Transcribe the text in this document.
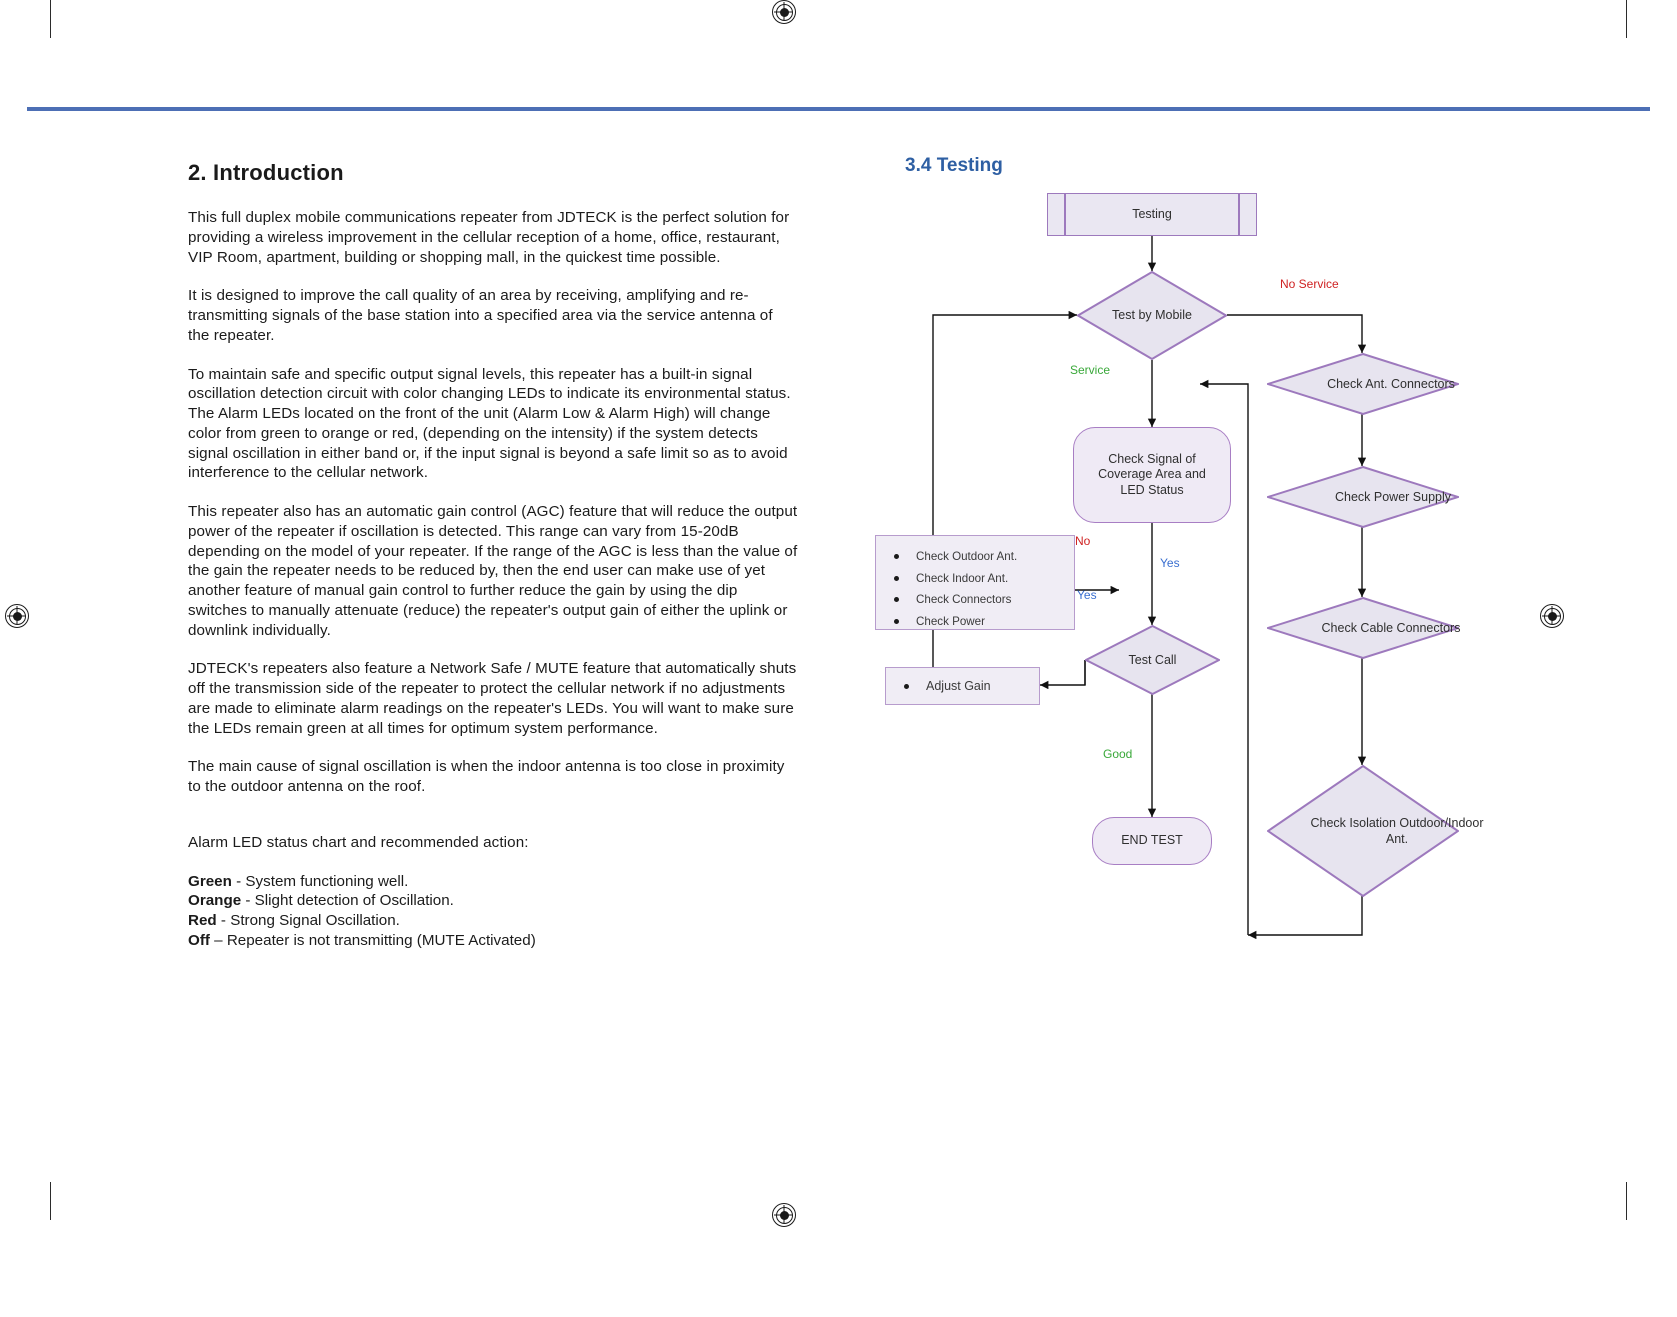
2. Introduction

This full duplex mobile communications repeater from JDTECK is the perfect solution for providing a wireless improvement in the cellular reception of a home, office, restaurant, VIP Room, apartment, building or shopping mall, in the quickest time possible.

It is designed to improve the call quality of an area by receiving, amplifying and re-transmitting signals of the base station into a specified area via the service antenna of the repeater.

To maintain safe and specific output signal levels, this repeater has a built-in signal oscillation detection circuit with color changing LEDs to indicate its environmental status. The Alarm LEDs located on the front of the unit (Alarm Low & Alarm High) will change color from green to orange or red, (depending on the intensity) if the system detects signal oscillation in either band or, if the input signal is beyond a safe limit so as to avoid interference to the cellular network.

This repeater also has an automatic gain control (AGC) feature that will reduce the output power of the repeater if oscillation is detected. This range can vary from 15-20dB depending on the model of your repeater. If the range of the AGC is less than the value of the gain the repeater needs to be reduced by, then the end user can make use of yet another feature of manual gain control to further reduce the gain by using the dip switches to manually attenuate (reduce) the repeater's output gain of either the uplink or downlink individually.

JDTECK's repeaters also feature a Network Safe / MUTE feature that automatically shuts off the transmission side of the repeater to protect the cellular network if no adjustments are made to eliminate alarm readings on the repeater's LEDs. You will want to make sure the LEDs remain green at all times for optimum system performance.

The main cause of signal oscillation is when the indoor antenna is too close in proximity to the outdoor antenna on the roof.

Alarm LED status chart and recommended action:

Green - System functioning well.
Orange - Slight detection of Oscillation.
Red - Strong Signal Oscillation.
Off – Repeater is not transmitting (MUTE Activated)
3.4 Testing
Testing
Test by Mobile
Check Signal of Coverage Area and LED Status
Test Call
END TEST
Check Ant. Connectors
Check Power Supply
Check Cable Connectors
Check Isolation Outdoor/Indoor Ant.
Check Outdoor Ant.
Check Indoor Ant.
Check Connectors
Check Power
Adjust Gain
No Service
Service
No
Yes
Yes
Good
